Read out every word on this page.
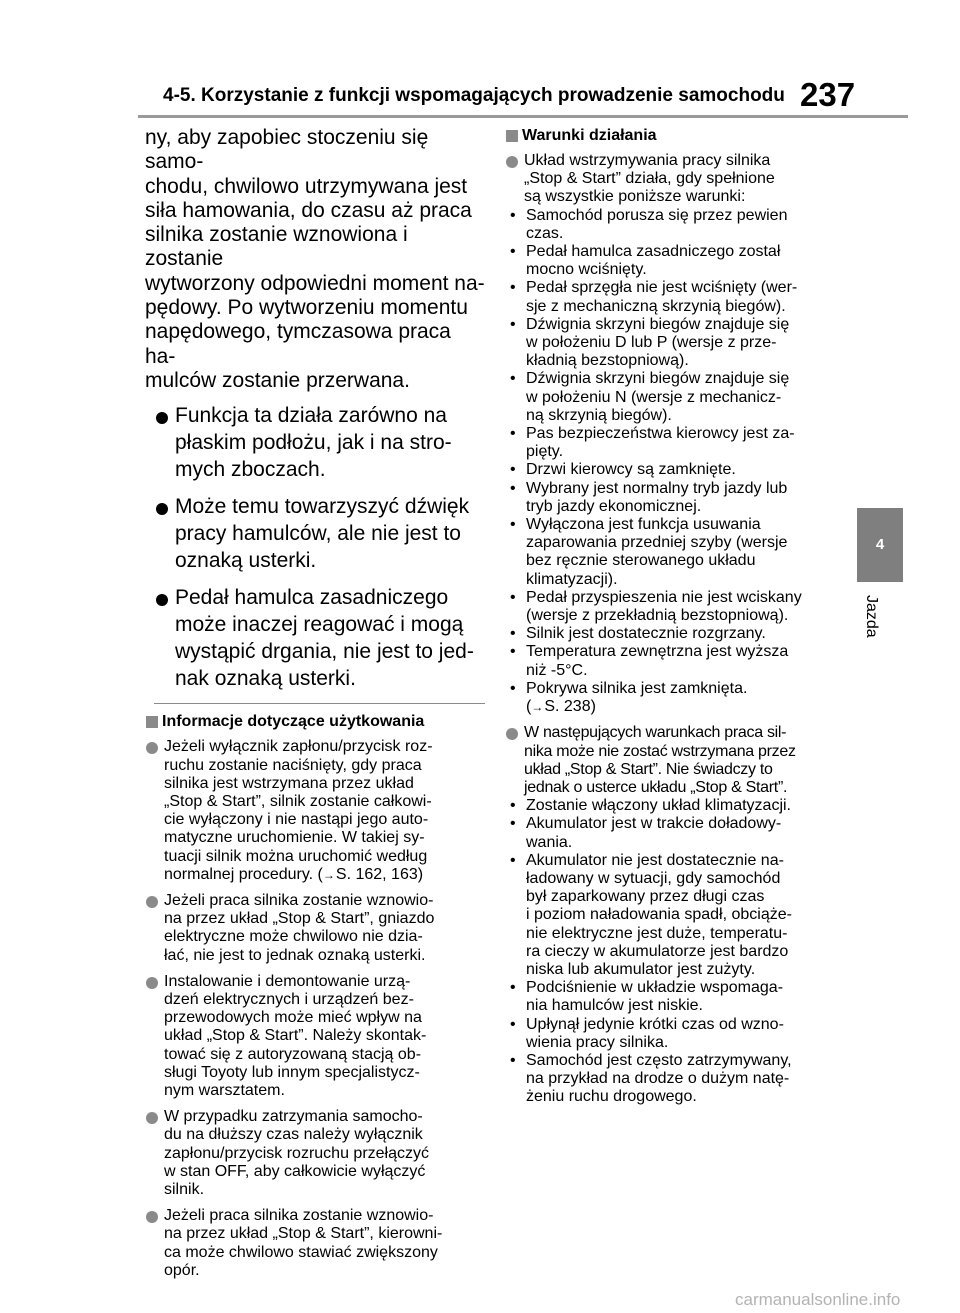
4-5. Korzystanie z funkcji wspomagających prowadzenie samochodu 237
ny, aby zapobiec stoczeniu się samo-
chodu, chwilowo utrzymywana jest
siła hamowania, do czasu aż praca
silnika zostanie wznowiona i zostanie
wytworzony odpowiedni moment na-
pędowy. Po wytworzeniu momentu
napędowego, tymczasowa praca ha-
mulców zostanie przerwana.
Funkcja ta działa zarówno na
płaskim podłożu, jak i na stro-
mych zboczach.
Może temu towarzyszyć dźwięk
pracy hamulców, ale nie jest to
oznaką usterki.
Pedał hamulca zasadniczego
może inaczej reagować i mogą
wystąpić drgania, nie jest to jed-
nak oznaką usterki.
Informacje dotyczące użytkowania
Jeżeli wyłącznik zapłonu/przycisk roz-
ruchu zostanie naciśnięty, gdy praca
silnika jest wstrzymana przez układ
„Stop & Start”, silnik zostanie całkowi-
cie wyłączony i nie nastąpi jego auto-
matyczne uruchomienie. W takiej sy-
tuacji silnik można uruchomić według
normalnej procedury. (→S. 162, 163)
Jeżeli praca silnika zostanie wznowio-
na przez układ „Stop & Start”, gniazdo
elektryczne może chwilowo nie dzia-
łać, nie jest to jednak oznaką usterki.
Instalowanie i demontowanie urzą-
dzeń elektrycznych i urządzeń bez-
przewodowych może mieć wpływ na
układ „Stop & Start”. Należy skontak-
tować się z autoryzowaną stacją ob-
sługi Toyoty lub innym specjalistycz-
nym warsztatem.
W przypadku zatrzymania samocho-
du na dłuższy czas należy wyłącznik
zapłonu/przycisk rozruchu przełączyć
w stan OFF, aby całkowicie wyłączyć
silnik.
Jeżeli praca silnika zostanie wznowio-
na przez układ „Stop & Start”, kierowni-
ca może chwilowo stawiać zwiększony
opór.
Warunki działania
Układ wstrzymywania pracy silnika
„Stop & Start” działa, gdy spełnione
są wszystkie poniższe warunki:
• Samochód porusza się przez pewien
czas.
• Pedał hamulca zasadniczego został
mocno wciśnięty.
• Pedał sprzęgła nie jest wciśnięty (wer-
sje z mechaniczną skrzynią biegów).
• Dźwignia skrzyni biegów znajduje się
w położeniu D lub P (wersje z prze-
kładnią bezstopniową).
• Dźwignia skrzyni biegów znajduje się
w położeniu N (wersje z mechanicz-
ną skrzynią biegów).
• Pas bezpieczeństwa kierowcy jest za-
pięty.
• Drzwi kierowcy są zamknięte.
• Wybrany jest normalny tryb jazdy lub
tryb jazdy ekonomicznej.
• Wyłączona jest funkcja usuwania
zaparowania przedniej szyby (wersje
bez ręcznie sterowanego układu
klimatyzacji).
• Pedał przyspieszenia nie jest wciskany
(wersje z przekładnią bezstopniową).
• Silnik jest dostatecznie rozgrzany.
• Temperatura zewnętrzna jest wyższa
niż -5°C.
• Pokrywa silnika jest zamknięta.
(→S. 238)
W następujących warunkach praca sil-
nika może nie zostać wstrzymana przez
układ „Stop & Start”. Nie świadczy to
jednak o usterce układu „Stop & Start”.
• Zostanie włączony układ klimatyzacji.
• Akumulator jest w trakcie doładowy-
wania.
• Akumulator nie jest dostatecznie na-
ładowany w sytuacji, gdy samochód
był zaparkowany przez długi czas
i poziom naładowania spadł, obciąże-
nie elektryczne jest duże, temperatu-
ra cieczy w akumulatorze jest bardzo
niska lub akumulator jest zużyty.
• Podciśnienie w układzie wspomaga-
nia hamulców jest niskie.
• Upłynął jedynie krótki czas od wzno-
wienia pracy silnika.
• Samochód jest często zatrzymywany,
na przykład na drodze o dużym natę-
żeniu ruchu drogowego.
4
Jazda
carmanualsonline.info
